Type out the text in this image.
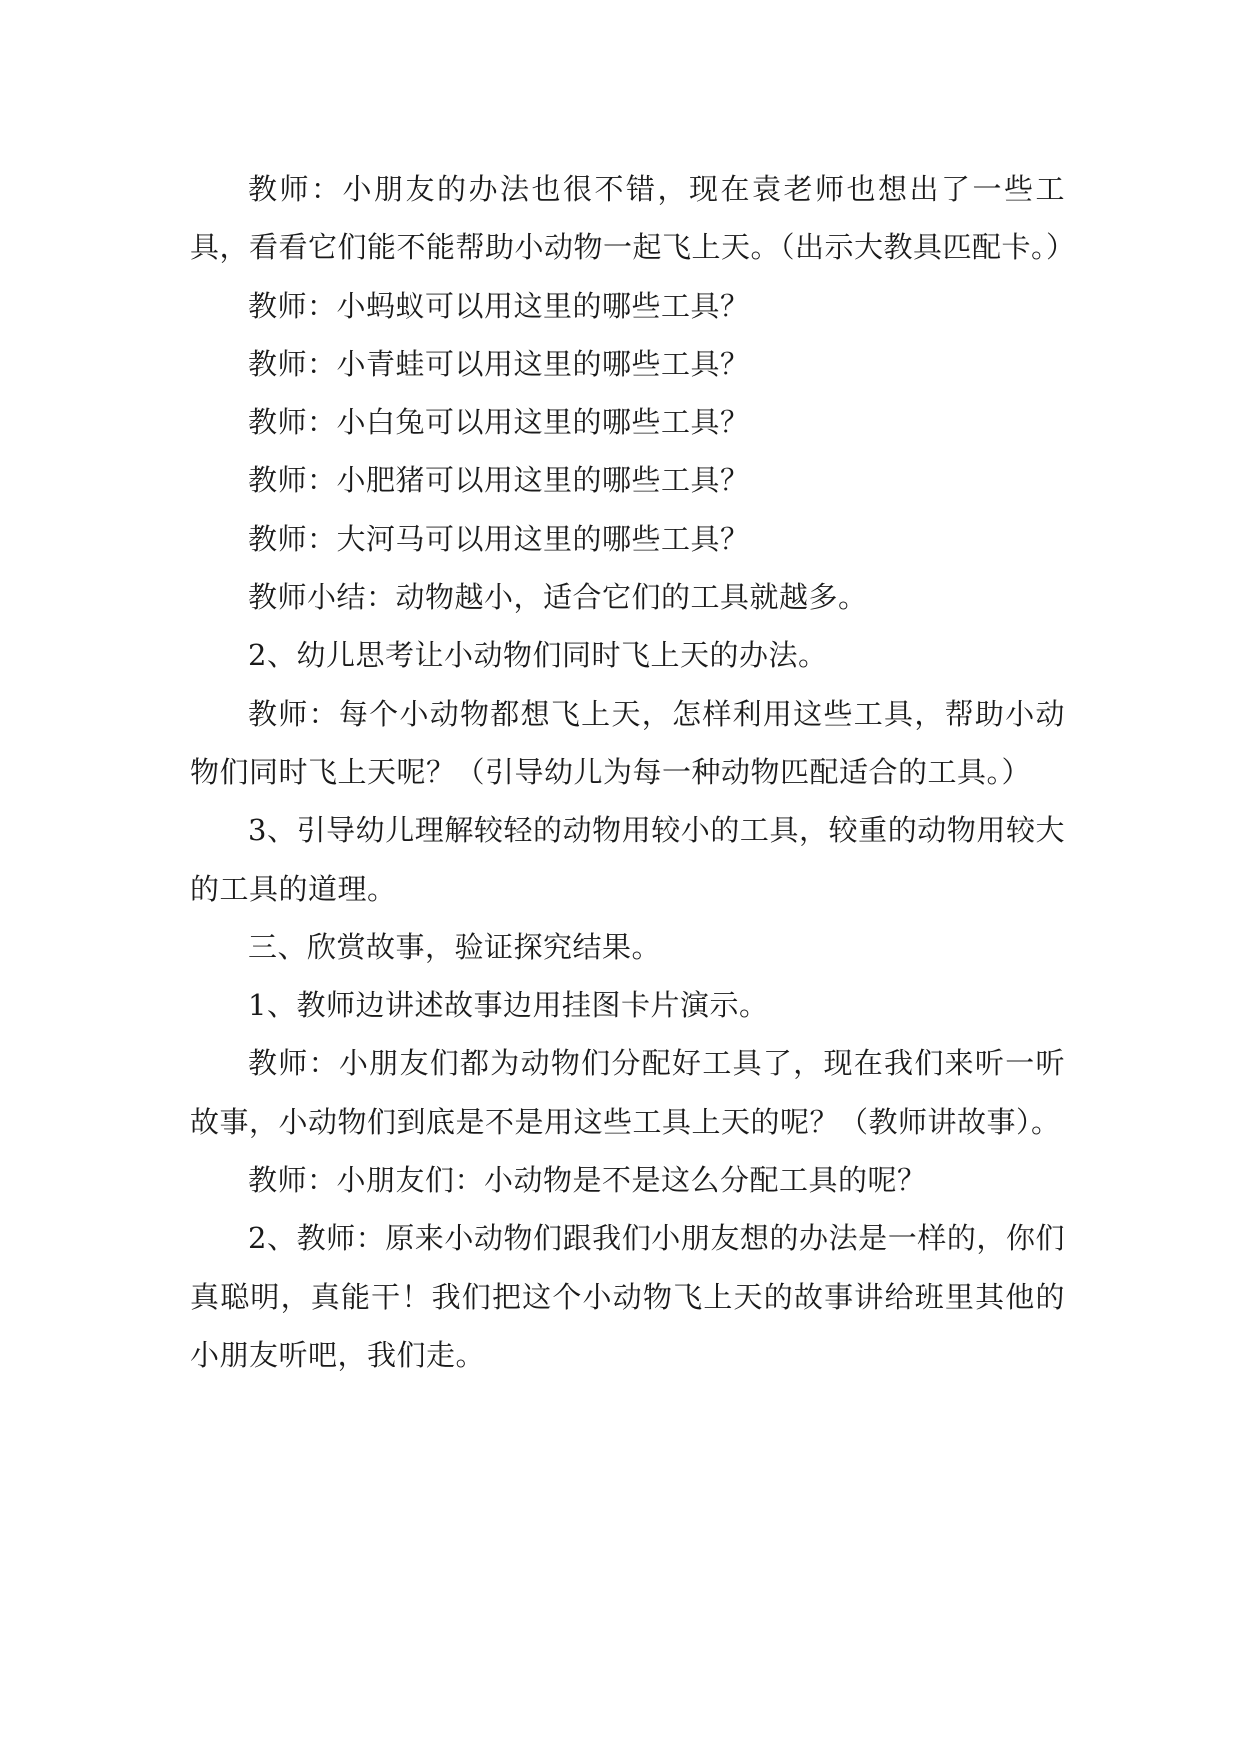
教师：小朋友的办法也很不错，现在袁老师也想出了一些工具，看看它们能不能帮助小动物一起飞上天。（出示大教具匹配卡。）

教师：小蚂蚁可以用这里的哪些工具？

教师：小青蛙可以用这里的哪些工具？

教师：小白兔可以用这里的哪些工具？

教师：小肥猪可以用这里的哪些工具？

教师：大河马可以用这里的哪些工具？

教师小结：动物越小，适合它们的工具就越多。

2、幼儿思考让小动物们同时飞上天的办法。

教师：每个小动物都想飞上天，怎样利用这些工具，帮助小动物们同时飞上天呢？（引导幼儿为每一种动物匹配适合的工具。）

3、引导幼儿理解较轻的动物用较小的工具，较重的动物用较大的工具的道理。

三、欣赏故事，验证探究结果。

1、教师边讲述故事边用挂图卡片演示。

教师：小朋友们都为动物们分配好工具了，现在我们来听一听故事，小动物们到底是不是用这些工具上天的呢？（教师讲故事）。

教师：小朋友们：小动物是不是这么分配工具的呢？

2、教师：原来小动物们跟我们小朋友想的办法是一样的，你们真聪明，真能干！我们把这个小动物飞上天的故事讲给班里其他的小朋友听吧，我们走。
